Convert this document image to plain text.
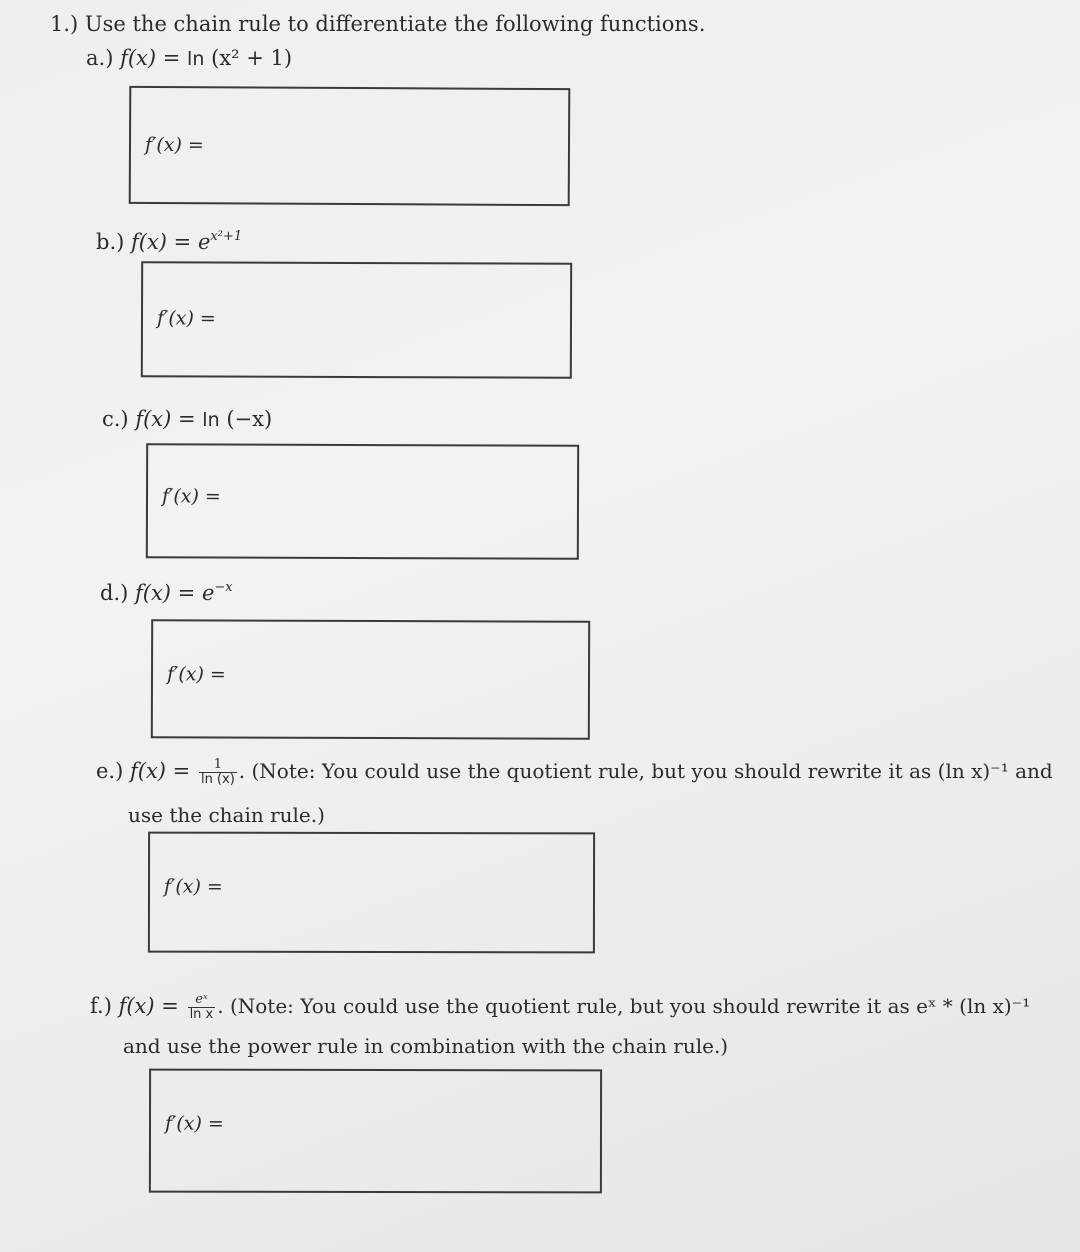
1.) Use the chain rule to differentiate the following functions.
a.) f(x) = ln (x² + 1)
f′(x) =
b.) $f(x) = e^{x^2+1}$
f′(x) =
c.) f(x) = ln (−x)
f′(x) =
d.) $f(x) = e^{-x}$
f′(x) =
e.) $f(x) = \frac{1}{\ln (x)}$ . (Note: You could use the quotient rule, but you should rewrite it as (ln x)⁻¹ and
use the chain rule.)
f′(x) =
f.) $f(x) = \frac{\text{eˣ}}{\text{ln x}}$ . (Note: You could use the quotient rule, but you should rewrite it as eˣ * (ln x)⁻¹
and use the power rule in combination with the chain rule.)
f′(x) =
